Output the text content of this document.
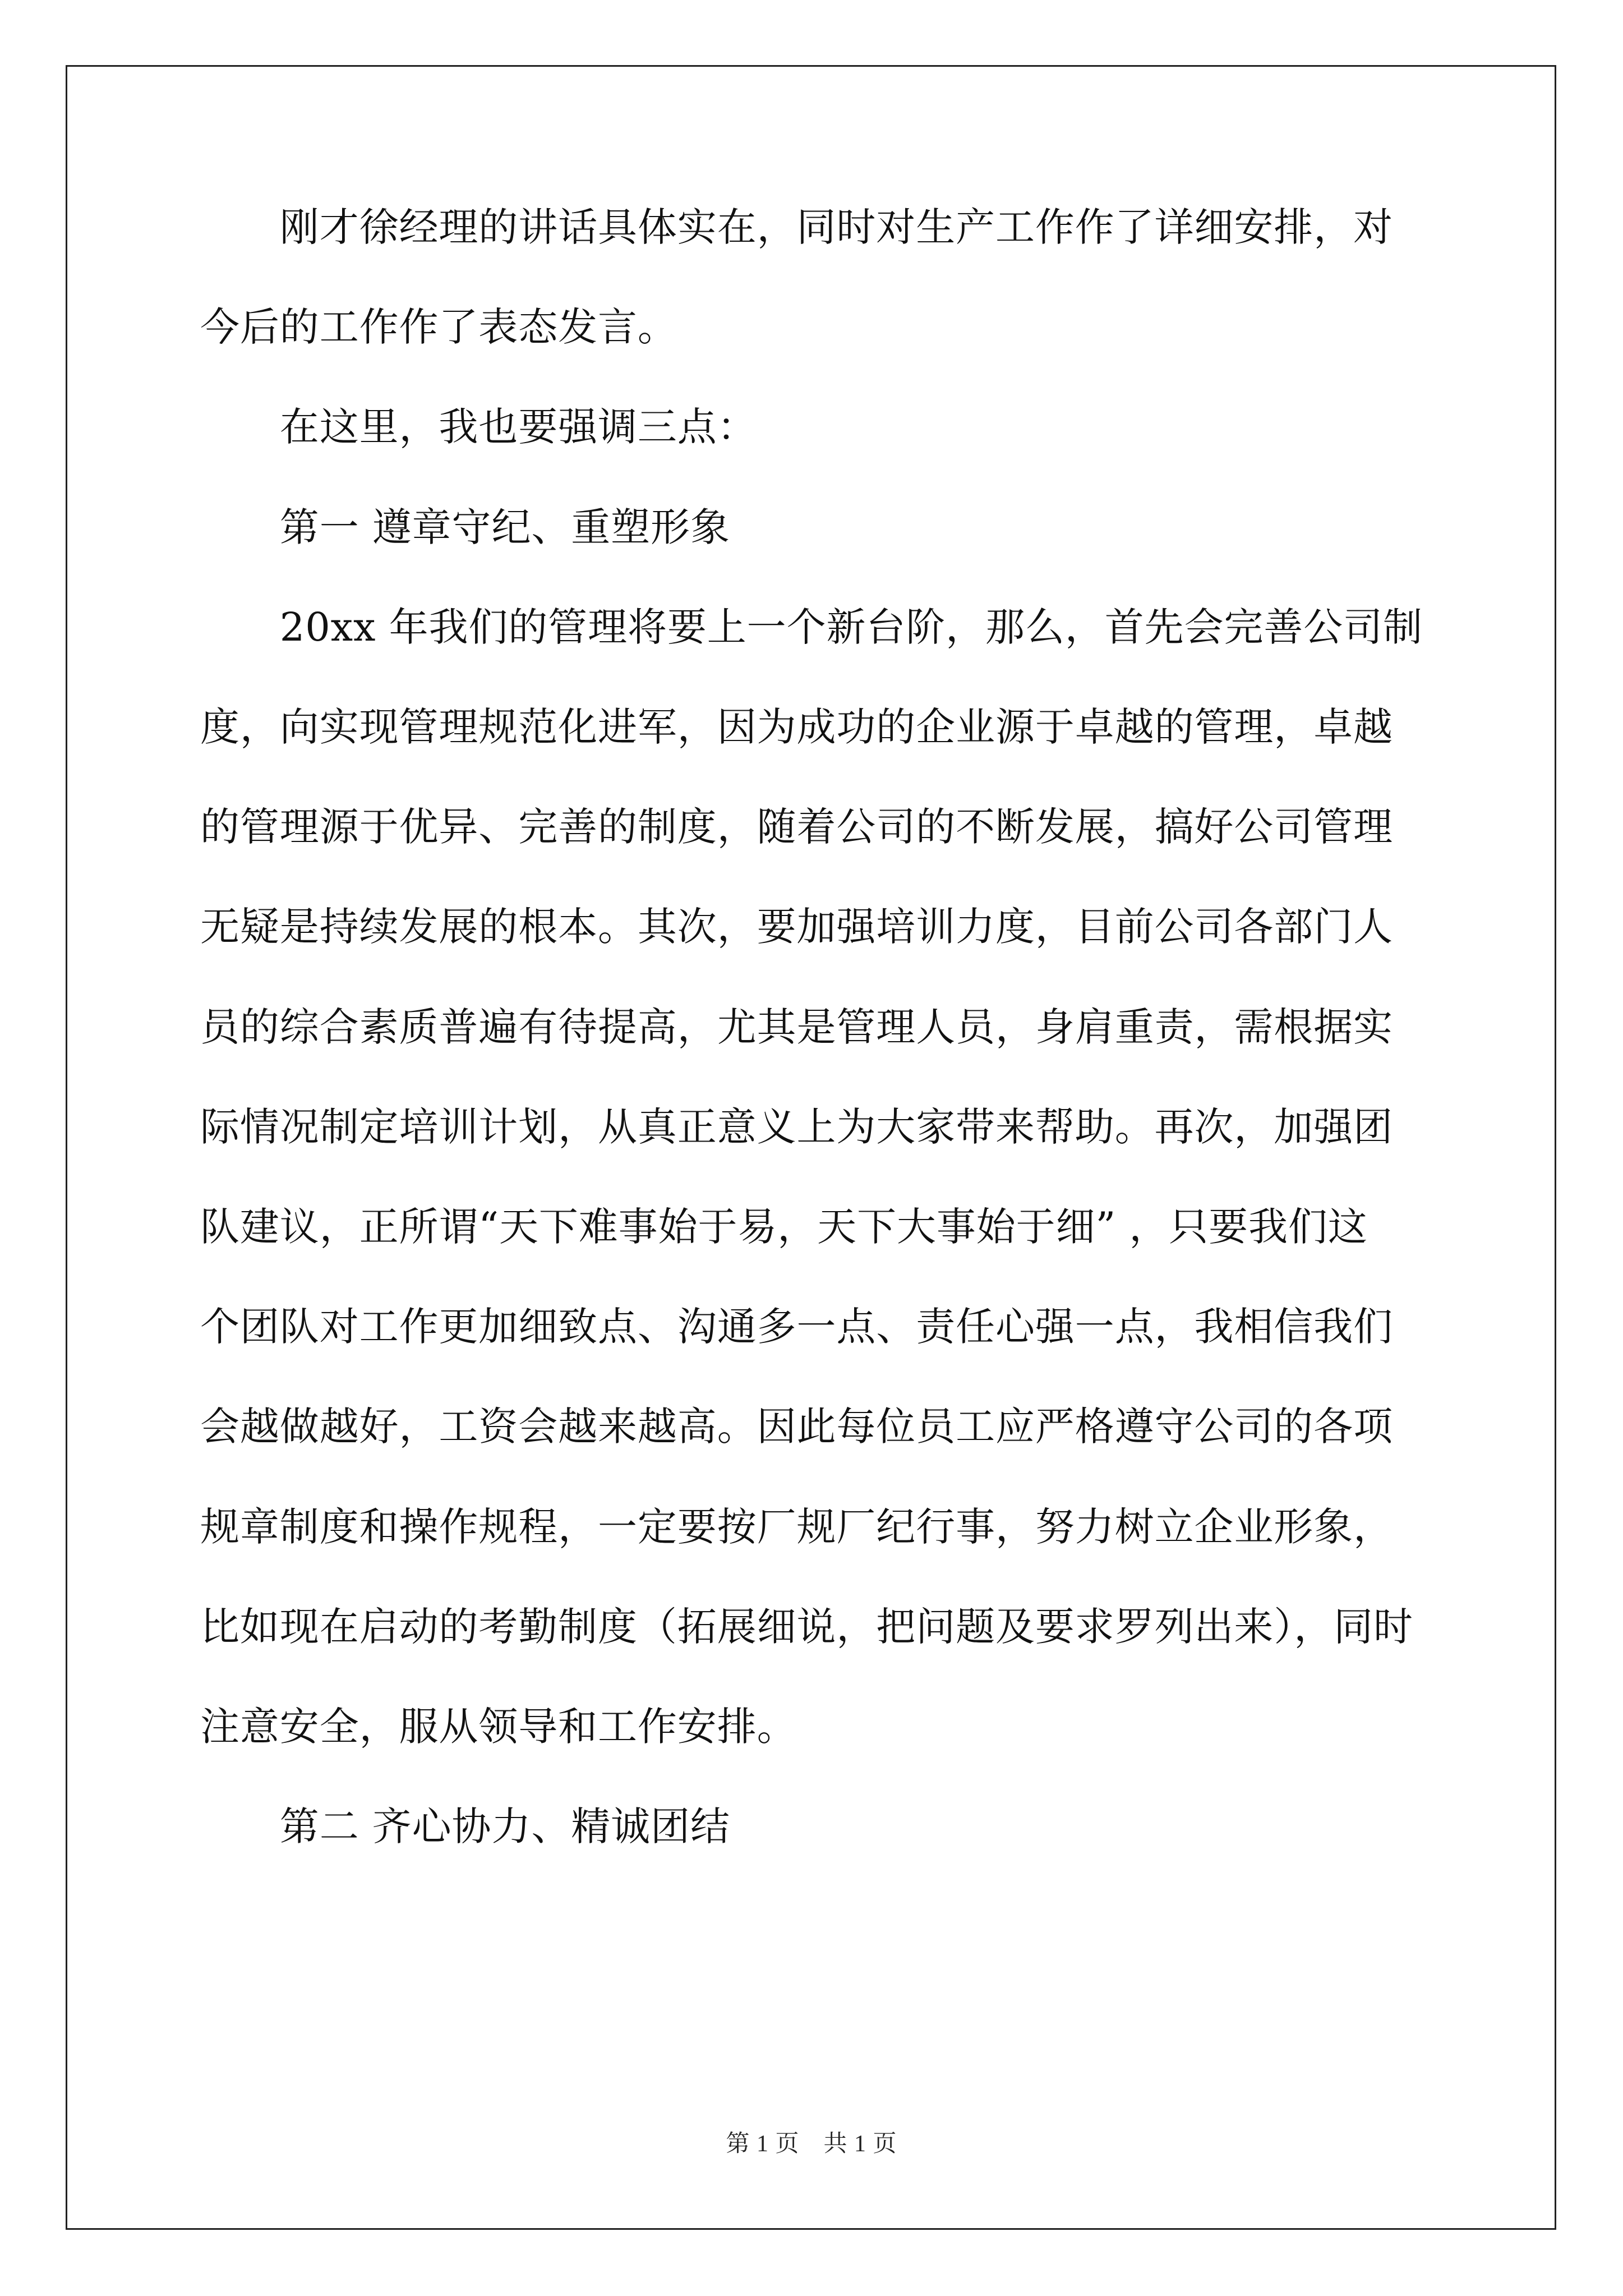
　　刚才徐经理的讲话具体实在，同时对生产工作作了详细安排，对
今后的工作作了表态发言。
　　在这里，我也要强调三点：
　　第一 遵章守纪、重塑形象
　　20xx 年我们的管理将要上一个新台阶，那么，首先会完善公司制
度，向实现管理规范化进军，因为成功的企业源于卓越的管理，卓越
的管理源于优异、完善的制度，随着公司的不断发展，搞好公司管理
无疑是持续发展的根本。其次，要加强培训力度，目前公司各部门人
员的综合素质普遍有待提高，尤其是管理人员，身肩重责，需根据实
际情况制定培训计划，从真正意义上为大家带来帮助。再次，加强团
队建议，正所谓“天下难事始于易，天下大事始于细” ，只要我们这
个团队对工作更加细致点、沟通多一点、责任心强一点，我相信我们
会越做越好，工资会越来越高。因此每位员工应严格遵守公司的各项
规章制度和操作规程，一定要按厂规厂纪行事，努力树立企业形象，
比如现在启动的考勤制度（拓展细说，把问题及要求罗列出来），同时
注意安全，服从领导和工作安排。
　　第二 齐心协力、精诚团结
第 1 页　共 1 页
